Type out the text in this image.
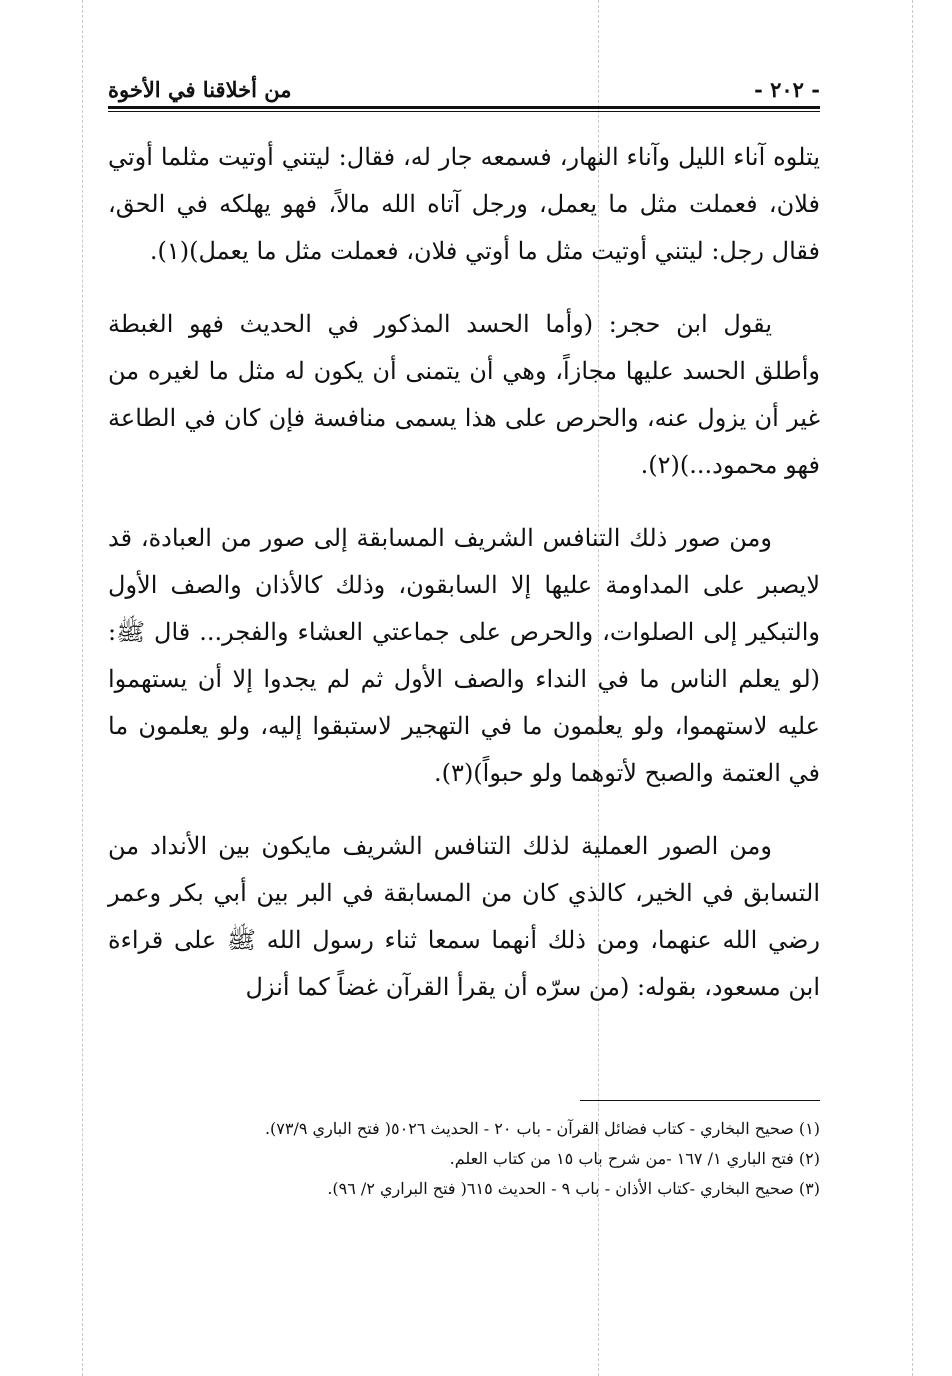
- ٢٠٢ -
من أخلاقنا في الأخوة

يتلوه آناء الليل وآناء النهار، فسمعه جار له، فقال: ليتني أوتيت مثلما أوتي فلان، فعملت مثل ما يعمل، ورجل آتاه الله مالاً، فهو يهلكه في الحق، فقال رجل: ليتني أوتيت مثل ما أوتي فلان، فعملت مثل ما يعمل)(١).

يقول ابن حجر: (وأما الحسد المذكور في الحديث فهو الغبطة وأطلق الحسد عليها مجازاً، وهي أن يتمنى أن يكون له مثل ما لغيره من غير أن يزول عنه، والحرص على هذا يسمى منافسة فإن كان في الطاعة فهو محمود...)(٢).

ومن صور ذلك التنافس الشريف المسابقة إلى صور من العبادة، قد لايصبر على المداومة عليها إلا السابقون، وذلك كالأذان والصف الأول والتبكير إلى الصلوات، والحرص على جماعتي العشاء والفجر... قال ﷺ: (لو يعلم الناس ما في النداء والصف الأول ثم لم يجدوا إلا أن يستهموا عليه لاستهموا، ولو يعلمون ما في التهجير لاستبقوا إليه، ولو يعلمون ما في العتمة والصبح لأتوهما ولو حبواً)(٣).

ومن الصور العملية لذلك التنافس الشريف مايكون بين الأنداد من التسابق في الخير، كالذي كان من المسابقة في البر بين أبي بكر وعمر رضي الله عنهما، ومن ذلك أنهما سمعا ثناء رسول الله ﷺ على قراءة ابن مسعود، بقوله: (من سرّه أن يقرأ القرآن غضاً كما أنزل

(١) صحيح البخاري - كتاب فضائل القرآن - باب ٢٠ - الحديث ٥٠٢٦( فتح الباري ٧٣/٩).
(٢) فتح الباري ١/ ١٦٧ -من شرح باب ١٥ من كتاب العلم.
(٣) صحيح البخاري -كتاب الأذان - باب ٩ - الحديث ٦١٥( فتح البراري ٢/ ٩٦).
